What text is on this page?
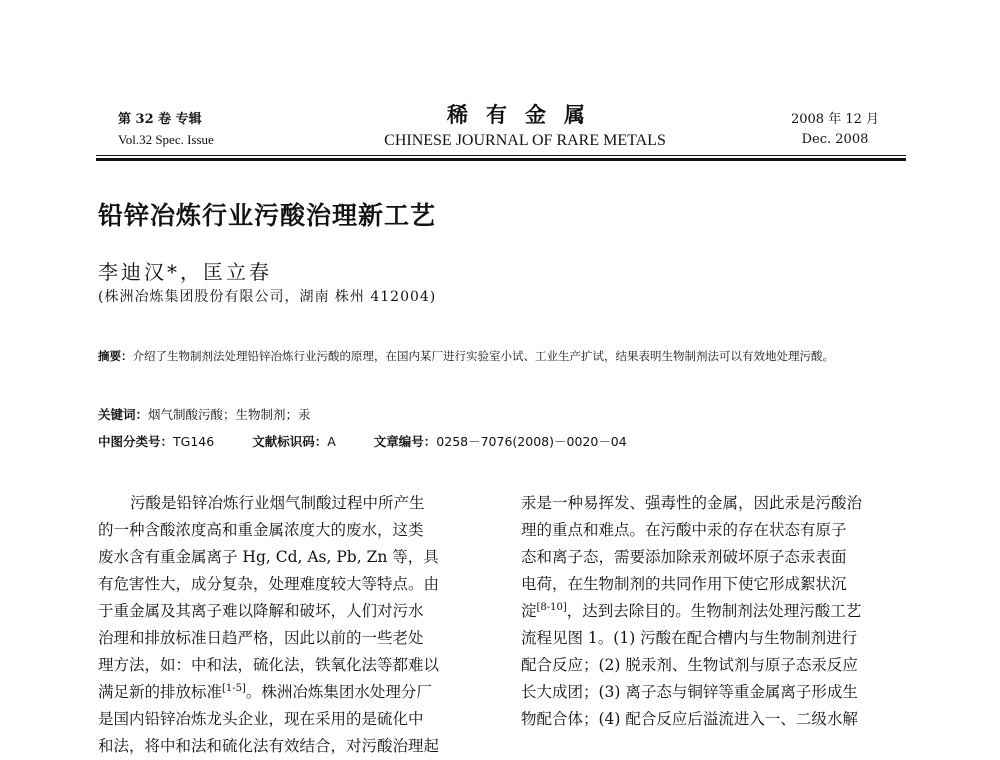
第 32 卷 专辑
Vol.32 Spec. Issue
稀有金属
CHINESE JOURNAL OF RARE METALS
2008 年 12 月
Dec. 2008
铅锌冶炼行业污酸治理新工艺
李迪汉*，匡立春
(株洲冶炼集团股份有限公司，湖南 株州 412004)
摘要：介绍了生物制剂法处理铅锌冶炼行业污酸的原理，在国内某厂进行实验室小试、工业生产扩试，结果表明生物制剂法可以有效地处理污酸。
关键词：烟气制酸污酸；生物制剂；汞
中图分类号：TG146	文献标识码：A	文章编号：0258－7076(2008)－0020－04
污酸是铅锌冶炼行业烟气制酸过程中所产生
的一种含酸浓度高和重金属浓度大的废水，这类
废水含有重金属离子 Hg, Cd, As, Pb, Zn 等，具
有危害性大，成分复杂，处理难度较大等特点。由
于重金属及其离子难以降解和破坏，人们对污水
治理和排放标准日趋严格，因此以前的一些老处
理方法，如：中和法，硫化法，铁氧化法等都难以
满足新的排放标准[1-5]。株洲冶炼集团水处理分厂
是国内铅锌冶炼龙头企业，现在采用的是硫化中
和法，将中和法和硫化法有效结合，对污酸治理起
汞是一种易挥发、强毒性的金属，因此汞是污酸治
理的重点和难点。在污酸中汞的存在状态有原子
态和离子态，需要添加除汞剂破坏原子态汞表面
电荷，在生物制剂的共同作用下使它形成絮状沉
淀[8-10]，达到去除目的。生物制剂法处理污酸工艺
流程见图 1。(1) 污酸在配合槽内与生物制剂进行
配合反应；(2) 脱汞剂、生物试剂与原子态汞反应
长大成团；(3) 离子态与铜锌等重金属离子形成生
物配合体；(4) 配合反应后溢流进入一、二级水解
